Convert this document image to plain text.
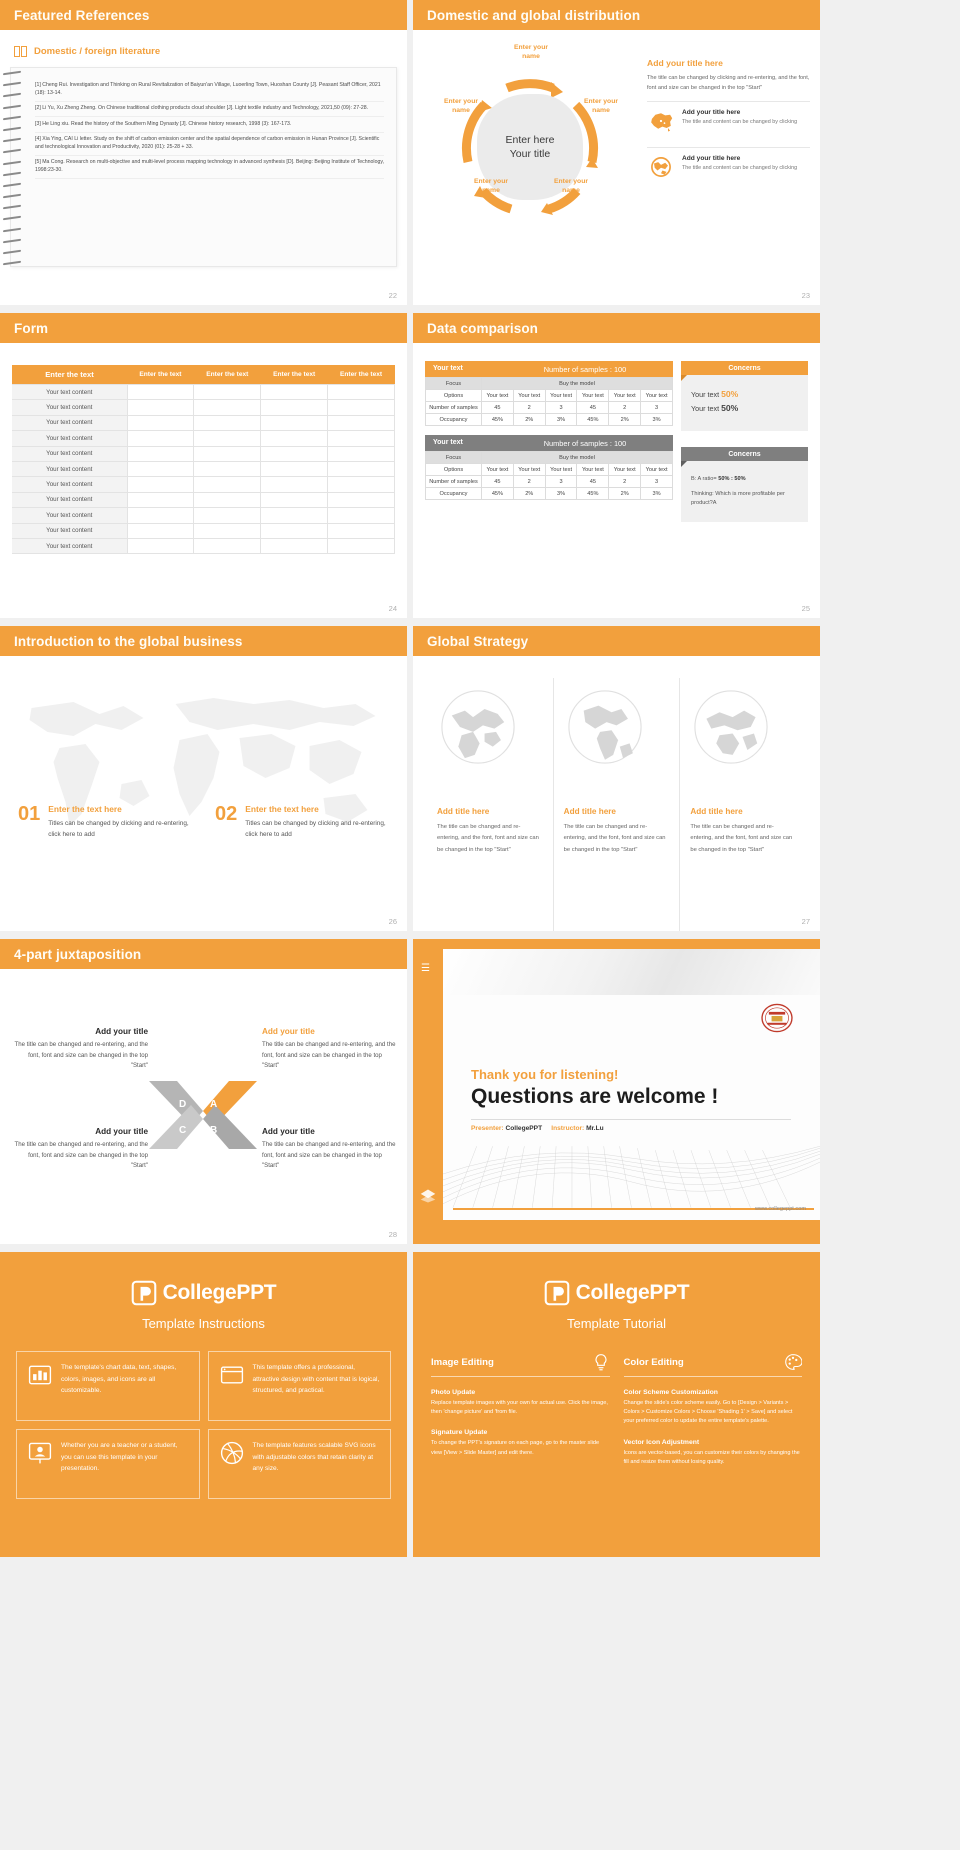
Featured References
Domestic / foreign literature

[1] Cheng Rui. Investigation and Thinking on Rural Revitalization of Baiyun'an Village, Luoerling Town, Huoshan County [J]. Peasant Staff Officer, 2021 (18): 13-14.

[2] Li Yu, Xu Zheng Zheng. On Chinese traditional clothing products cloud shoulder [J]. Light textile industry and Technology, 2021,50 (09): 27-28.

[3] He Ling xiu. Read the history of the Southern Ming Dynasty [J]. Chinese history research, 1998 (3): 167-173.

[4] Xia Ying, CAI Li letter. Study on the shift of carbon emission center and the spatial dependence of carbon emission in Hunan Province [J]. Scientific and technological Innovation and Productivity, 2020 (01): 25-28 + 33.

[5] Ma Cong. Research on multi-objective and multi-level process mapping technology in advanced synthesis [D]. Beijing: Beijing Institute of Technology, 1998:23-30.

22
Domestic and global distribution
Enter here
Your title
Enter your name
Enter your name
Enter your name
Enter your name
Enter your name
Add your title here
The title can be changed by clicking and re-entering, and the font, font and size can be changed in the top "Start"
Add your title here
The title and content can be changed by clicking
Add your title here
The title and content can be changed by clicking
23
Form
Enter the text	Enter the text	Enter the text	Enter the text	Enter the text
Your text content				
Your text content				
Your text content				
Your text content				
Your text content				
Your text content				
Your text content				
Your text content				
Your text content				
Your text content				
Your text content				
24
Data comparison
Your text	Number of samples : 100
Focus	Buy the model					
Options	Your text	Your text	Your text	Your text	Your text	Your text
Number of samples	45	2	3	45	2	3
Occupancy	45%	2%	3%	45%	2%	3%
Your text	Number of samples : 100
Focus	Buy the model					
Options	Your text	Your text	Your text	Your text	Your text	Your text
Number of samples	45	2	3	45	2	3
Occupancy	45%	2%	3%	45%	2%	3%
Concerns
Your text 50%
Your text 50%
Concerns
B: A ratio= 50% : 50%
Thinking: Which is more profitable per product?A
25
Introduction to the global business
01 Enter the text here
Titles can be changed by clicking and re-entering, click here to add
02 Enter the text here
Titles can be changed by clicking and re-entering, click here to add
26
Global Strategy
Add title here
The title can be changed and re-entering, and the font, font and size can be changed in the top "Start"
Add title here
The title can be changed and re-entering, and the font, font and size can be changed in the top "Start"
Add title here
The title can be changed and re-entering, and the font, font and size can be changed in the top "Start"
27
4-part juxtaposition
Add your title
The title can be changed and re-entering, and the font, font and size can be changed in the top "Start"
Add your title
The title can be changed and re-entering, and the font, font and size can be changed in the top "Start"
Add your title
The title can be changed and re-entering, and the font, font and size can be changed in the top "Start"
Add your title
The title can be changed and re-entering, and the font, font and size can be changed in the top "Start"
D A
C B
28
☰
Thank you for listening!
Questions are welcome !
Presenter: CollegePPT Instructor: Mr.Lu
www.collegeppt.com
CollegePPT
Template Instructions
The template's chart data, text, shapes, colors, images, and icons are all customizable.
This template offers a professional, attractive design with content that is logical, structured, and practical.
Whether you are a teacher or a student, you can use this template in your presentation.
The template features scalable SVG icons with adjustable colors that retain clarity at any size.
CollegePPT
Template Tutorial
Image Editing
Photo Update
Replace template images with your own for actual use. Click the image, then 'change picture' and 'from file.
Signature Update
To change the PPT's signature on each page, go to the master slide view [View > Slide Master] and edit there.
Color Editing
Color Scheme Customization
Change the slide's color scheme easily. Go to [Design > Variants > Colors > Customize Colors > Choose 'Shading 1' > Save] and select your preferred color to update the entire template's palette.
Vector Icon Adjustment
Icons are vector-based, you can customize their colors by changing the fill and resize them without losing quality.
